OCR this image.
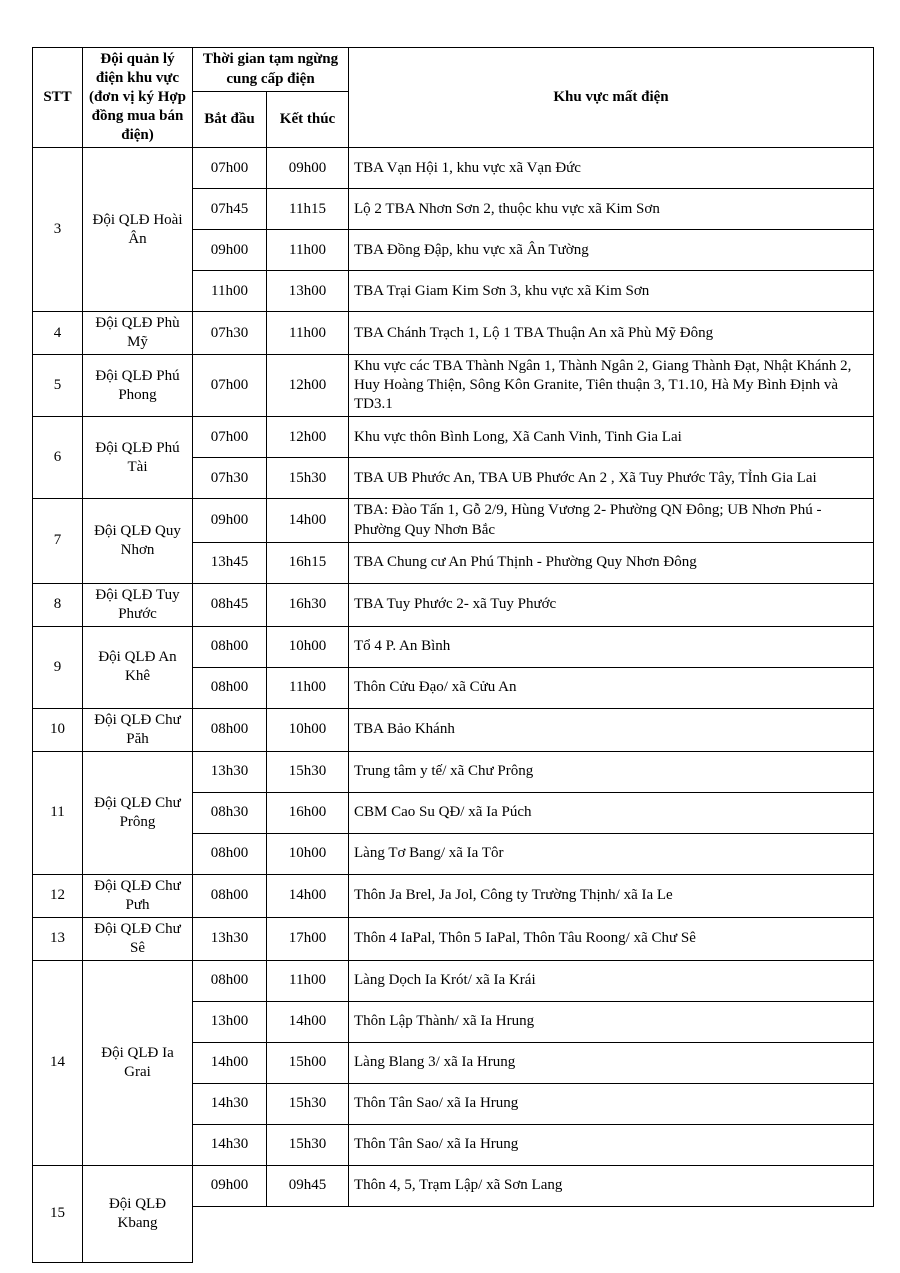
STT	Đội quản lý điện khu vực (đơn vị ký Hợp đồng mua bán điện)	Thời gian tạm ngừng cung cấp điện		Khu vực mất điện
		Bắt đầu	Kết thúc	
3	Đội QLĐ Hoài Ân	07h00	09h00	TBA Vạn Hội 1, khu vực xã Vạn Đức
		07h45	11h15	Lộ 2 TBA Nhơn Sơn 2, thuộc khu vực xã Kim Sơn
		09h00	11h00	TBA Đồng Đập, khu vực xã Ân Tường
		11h00	13h00	TBA Trại Giam Kim Sơn 3, khu vực xã Kim Sơn
4	Đội QLĐ Phù Mỹ	07h30	11h00	TBA Chánh Trạch 1, Lộ 1 TBA Thuận An xã Phù Mỹ Đông
5	Đội QLĐ Phú Phong	07h00	12h00	Khu vực các TBA Thành Ngân 1, Thành Ngân 2, Giang Thành Đạt, Nhật Khánh 2, Huy Hoàng Thiện, Sông Kôn Granite, Tiên thuận 3, T1.10, Hà My Bình Định và TD3.1
6	Đội QLĐ Phú Tài	07h00	12h00	Khu vực thôn Bình Long, Xã Canh Vinh, Tinh Gia Lai
		07h30	15h30	TBA UB Phước An, TBA UB Phước An 2 , Xã Tuy Phước Tây, TỈnh Gia Lai
7	Đội QLĐ Quy Nhơn	09h00	14h00	TBA: Đào Tấn 1, Gỗ 2/9, Hùng Vương 2- Phường QN Đông; UB Nhơn Phú - Phường Quy Nhơn Bắc
		13h45	16h15	TBA Chung cư An Phú Thịnh - Phường Quy Nhơn Đông
8	Đội QLĐ Tuy Phước	08h45	16h30	TBA Tuy Phước 2- xã Tuy Phước
9	Đội QLĐ An Khê	08h00	10h00	Tổ 4 P. An Bình
		08h00	11h00	Thôn Cửu Đạo/ xã Cửu An
10	Đội QLĐ Chư Păh	08h00	10h00	TBA Bảo Khánh
11	Đội QLĐ Chư Prông	13h30	15h30	Trung tâm y tế/ xã Chư Prông
		08h30	16h00	CBM Cao Su QĐ/ xã Ia Púch
		08h00	10h00	Làng Tơ Bang/ xã Ia Tôr
12	Đội QLĐ Chư Pưh	08h00	14h00	Thôn Ja Brel, Ja Jol, Công ty Trường Thịnh/ xã Ia Le
13	Đội QLĐ Chư Sê	13h30	17h00	Thôn 4 IaPal, Thôn 5 IaPal, Thôn Tâu Roong/ xã Chư Sê
14	Đội QLĐ Ia Grai	08h00	11h00	Làng Dọch Ia Krót/ xã Ia Krái
		13h00	14h00	Thôn Lập Thành/ xã Ia Hrung
		14h00	15h00	Làng Blang 3/ xã Ia Hrung
		14h30	15h30	Thôn Tân Sao/ xã Ia Hrung
		14h30	15h30	Thôn Tân Sao/ xã Ia Hrung
15	Đội QLĐ Kbang	09h00	09h45	Thôn 4, 5, Trạm Lập/ xã Sơn Lang
